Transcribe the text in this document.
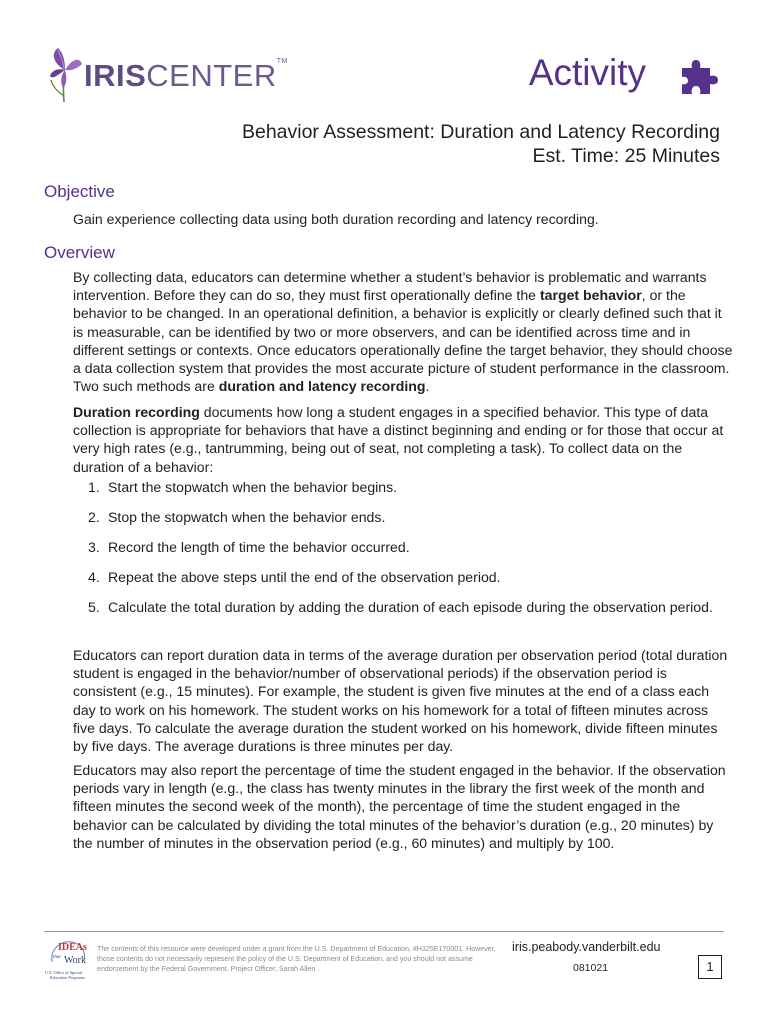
IRISCENTER™	Activity
Behavior Assessment: Duration and Latency Recording
Est. Time: 25 Minutes
Objective
Gain experience collecting data using both duration recording and latency recording.
Overview
By collecting data, educators can determine whether a student’s behavior is problematic and warrants intervention. Before they can do so, they must first operationally define the target behavior, or the behavior to be changed. In an operational definition, a behavior is explicitly or clearly defined such that it is measurable, can be identified by two or more observers, and can be identified across time and in different settings or contexts. Once educators operationally define the target behavior, they should choose a data collection system that provides the most accurate picture of student performance in the classroom. Two such methods are duration and latency recording.
Duration recording documents how long a student engages in a specified behavior. This type of data collection is appropriate for behaviors that have a distinct beginning and ending or for those that occur at very high rates (e.g., tantrumming, being out of seat, not completing a task). To collect data on the duration of a behavior:
1. Start the stopwatch when the behavior begins.
2. Stop the stopwatch when the behavior ends.
3. Record the length of time the behavior occurred.
4. Repeat the above steps until the end of the observation period.
5. Calculate the total duration by adding the duration of each episode during the observation period.
Educators can report duration data in terms of the average duration per observation period (total duration student is engaged in the behavior/number of observational periods) if the observation period is consistent (e.g., 15 minutes). For example, the student is given five minutes at the end of a class each day to work on his homework. The student works on his homework for a total of fifteen minutes across five days. To calculate the average duration the student worked on his homework, divide fifteen minutes by five days. The average durations is three minutes per day.
Educators may also report the percentage of time the student engaged in the behavior. If the observation periods vary in length (e.g., the class has twenty minutes in the library the first week of the month and fifteen minutes the second week of the month), the percentage of time the student engaged in the behavior can be calculated by dividing the total minutes of the behavior’s duration (e.g., 20 minutes) by the number of minutes in the observation period (e.g., 60 minutes) and multiply by 100.
IDEAs
that Work
U.S. Office of Special
Education Programs
The contents of this resource were developed under a grant from the U.S. Department of Education, #H325E170001. However, those contents do not necessarily represent the policy of the U.S. Department of Education, and you should not assume endorsement by the Federal Government. Project Officer, Sarah Allen .
iris.peabody.vanderbilt.edu
081021	1
